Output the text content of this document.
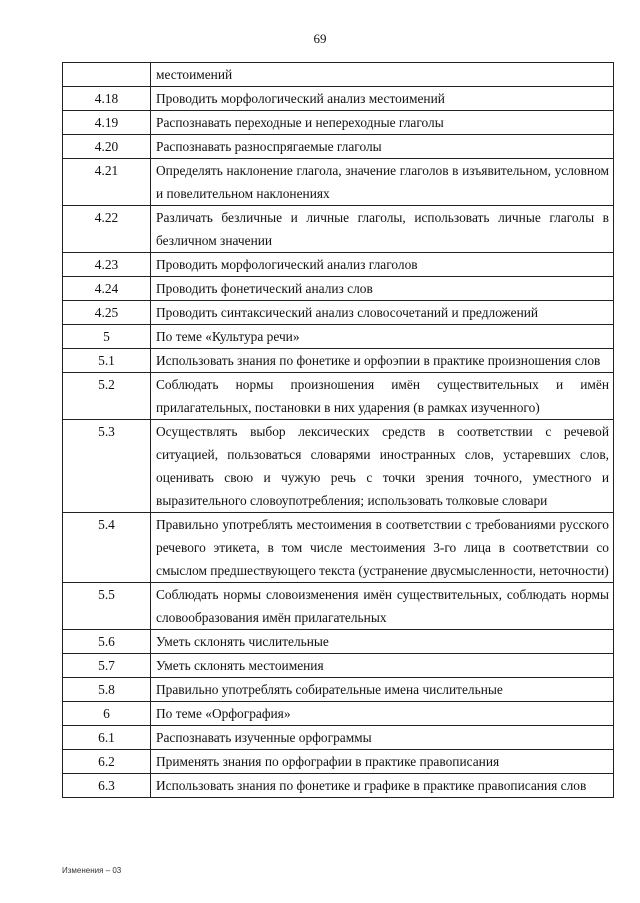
69
	местоимений
4.18	Проводить морфологический анализ местоимений
4.19	Распознавать переходные и непереходные глаголы
4.20	Распознавать разноспрягаемые глаголы
4.21	Определять наклонение глагола, значение глаголов в изъявительном, условном и повелительном наклонениях
4.22	Различать безличные и личные глаголы, использовать личные глаголы в безличном значении
4.23	Проводить морфологический анализ глаголов
4.24	Проводить фонетический анализ слов
4.25	Проводить синтаксический анализ словосочетаний и предложений
5	По теме «Культура речи»
5.1	Использовать знания по фонетике и орфоэпии в практике произношения слов
5.2	Соблюдать нормы произношения имён существительных и имён прилагательных, постановки в них ударения (в рамках изученного)
5.3	Осуществлять выбор лексических средств в соответствии с речевой ситуацией, пользоваться словарями иностранных слов, устаревших слов, оценивать свою и чужую речь с точки зрения точного, уместного и выразительного словоупотребления; использовать толковые словари
5.4	Правильно употреблять местоимения в соответствии с требованиями русского речевого этикета, в том числе местоимения 3-го лица в соответствии со смыслом предшествующего текста (устранение двусмысленности, неточности)
5.5	Соблюдать нормы словоизменения имён существительных, соблюдать нормы словообразования имён прилагательных
5.6	Уметь склонять числительные
5.7	Уметь склонять местоимения
5.8	Правильно употреблять собирательные имена числительные
6	По теме «Орфография»
6.1	Распознавать изученные орфограммы
6.2	Применять знания по орфографии в практике правописания
6.3	Использовать знания по фонетике и графике в практике правописания слов
Изменения – 03
